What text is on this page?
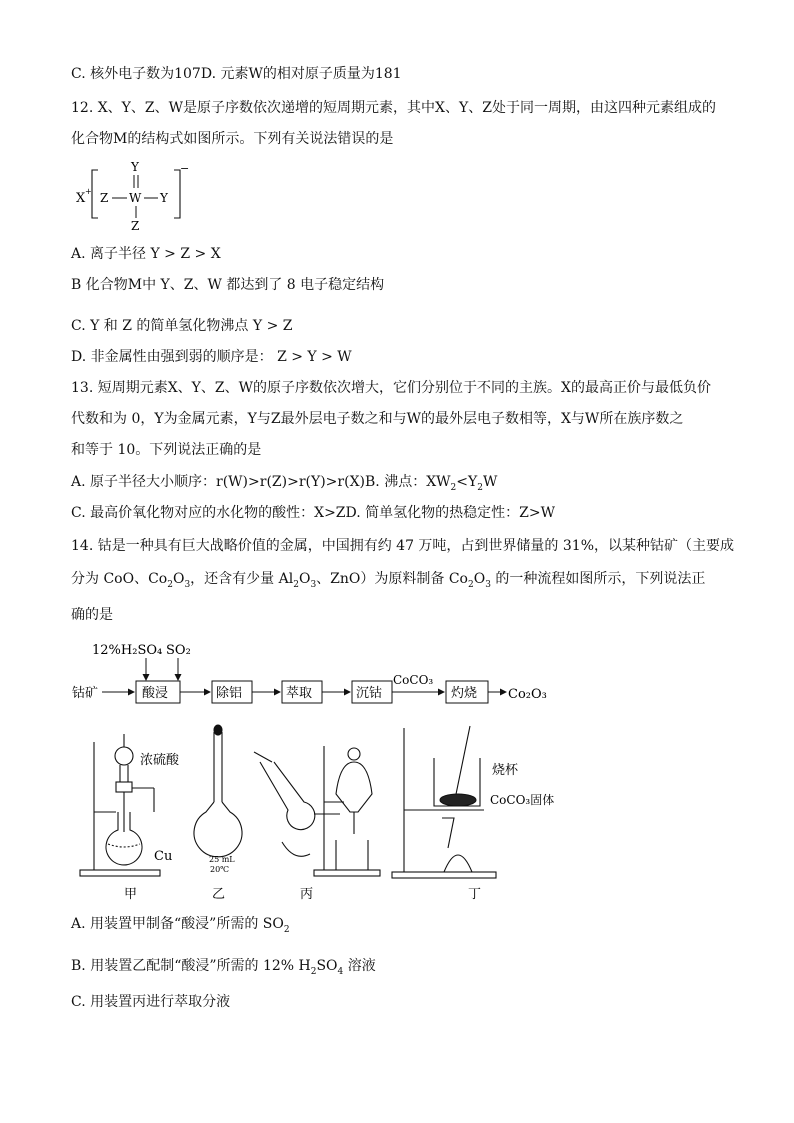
C. 核外电子数为107D. 元素W的相对原子质量为181
12. X、Y、Z、W是原子序数依次递增的短周期元素，其中X、Y、Z处于同一周期，由这四种元素组成的
化合物M的结构式如图所示。下列有关说法错误的是
X +
−
Y
Z W Y
Z
A. 离子半径 Y > Z > X
B 化合物M中 Y、Z、W 都达到了 8 电子稳定结构
C. Y 和 Z 的简单氢化物沸点 Y > Z
D. 非金属性由强到弱的顺序是： Z > Y > W
13. 短周期元素X、Y、Z、W的原子序数依次增大，它们分别位于不同的主族。X的最高正价与最低负价
代数和为 0，Y为金属元素，Y与Z最外层电子数之和与W的最外层电子数相等，X与W所在族序数之
和等于 10。下列说法正确的是
A. 原子半径大小顺序：r(W)>r(Z)>r(Y)>r(X)B. 沸点：$XW_2<Y_2W$
C. 最高价氧化物对应的水化物的酸性：X>ZD. 简单氢化物的热稳定性：Z>W
14. 钴是一种具有巨大战略价值的金属，中国拥有约 47 万吨，占到世界储量的 31%，以某种钴矿（主要成
分为 CoO、$Co_2O_3$，还含有少量 $Al_2O_3$、ZnO）为原料制备 $Co_2O_3$ 的一种流程如图所示，下列说法正
确的是
12%H₂SO₄ SO₂
钴矿	酸浸	除铝	萃取	沉钴
CoCO₃
灼烧 Co₂O₃
浓硫酸
Cu	25 mL
20℃
烧杯
CoCO₃固体
甲	乙	丙	丁
A. 用装置甲制备“酸浸”所需的 $SO_2$
B. 用装置乙配制“酸浸”所需的 12% $H_2SO_4$ 溶液
C. 用装置丙进行萃取分液
